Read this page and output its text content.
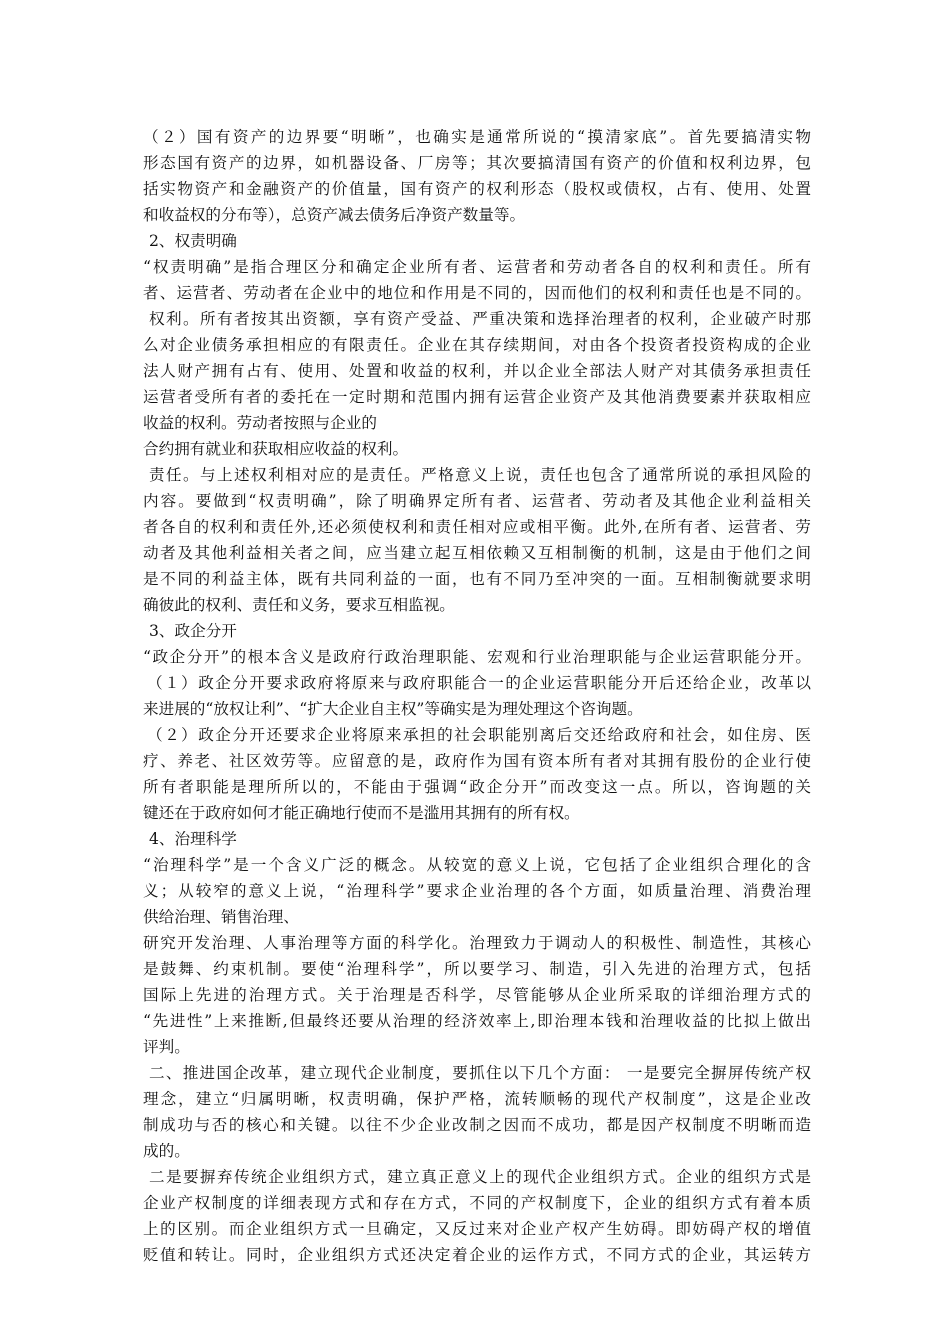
（２）国有资产的边界要“明晰”，也确实是通常所说的“摸清家底”。首先要搞清实物
形态国有资产的边界，如机器设备、厂房等；其次要搞清国有资产的价值和权利边界，包
括实物资产和金融资产的价值量，国有资产的权利形态（股权或债权，占有、使用、处置
和收益权的分布等），总资产减去债务后净资产数量等。
2、权责明确
“权责明确”是指合理区分和确定企业所有者、运营者和劳动者各自的权利和责任。所有
者、运营者、劳动者在企业中的地位和作用是不同的，因而他们的权利和责任也是不同的。
权利。所有者按其出资额，享有资产受益、严重决策和选择治理者的权利，企业破产时那
么对企业债务承担相应的有限责任。企业在其存续期间，对由各个投资者投资构成的企业
法人财产拥有占有、使用、处置和收益的权利，并以企业全部法人财产对其债务承担责任
运营者受所有者的委托在一定时期和范围内拥有运营企业资产及其他消费要素并获取相应
收益的权利。劳动者按照与企业的
合约拥有就业和获取相应收益的权利。
责任。与上述权利相对应的是责任。严格意义上说，责任也包含了通常所说的承担风险的
内容。要做到“权责明确”，除了明确界定所有者、运营者、劳动者及其他企业利益相关
者各自的权利和责任外,还必须使权利和责任相对应或相平衡。此外,在所有者、运营者、劳
动者及其他利益相关者之间，应当建立起互相依赖又互相制衡的机制，这是由于他们之间
是不同的利益主体，既有共同利益的一面，也有不同乃至冲突的一面。互相制衡就要求明
确彼此的权利、责任和义务，要求互相监视。
3、政企分开
“政企分开”的根本含义是政府行政治理职能、宏观和行业治理职能与企业运营职能分开。
（１）政企分开要求政府将原来与政府职能合一的企业运营职能分开后还给企业，改革以
来进展的“放权让利”、“扩大企业自主权”等确实是为理处理这个咨询题。
（２）政企分开还要求企业将原来承担的社会职能别离后交还给政府和社会，如住房、医
疗、养老、社区效劳等。应留意的是，政府作为国有资本所有者对其拥有股份的企业行使
所有者职能是理所所以的，不能由于强调“政企分开”而改变这一点。所以，咨询题的关
键还在于政府如何才能正确地行使而不是滥用其拥有的所有权。
4、治理科学
“治理科学”是一个含义广泛的概念。从较宽的意义上说，它包括了企业组织合理化的含
义；从较窄的意义上说，“治理科学”要求企业治理的各个方面，如质量治理、消费治理
供给治理、销售治理、
研究开发治理、人事治理等方面的科学化。治理致力于调动人的积极性、制造性，其核心
是鼓舞、约束机制。要使“治理科学”，所以要学习、制造，引入先进的治理方式，包括
国际上先进的治理方式。关于治理是否科学，尽管能够从企业所采取的详细治理方式的
“先进性”上来推断,但最终还要从治理的经济效率上,即治理本钱和治理收益的比拟上做出
评判。
二、推进国企改革，建立现代企业制度，要抓住以下几个方面： 一是要完全摒屏传统产权
理念，建立“归属明晰，权责明确，保护严格，流转顺畅的现代产权制度”，这是企业改
制成功与否的核心和关键。以往不少企业改制之因而不成功，都是因产权制度不明晰而造
成的。
二是要摒弃传统企业组织方式，建立真正意义上的现代企业组织方式。企业的组织方式是
企业产权制度的详细表现方式和存在方式，不同的产权制度下，企业的组织方式有着本质
上的区别。而企业组织方式一旦确定，又反过来对企业产权产生妨碍。即妨碍产权的增值
贬值和转让。同时，企业组织方式还决定着企业的运作方式，不同方式的企业，其运转方
